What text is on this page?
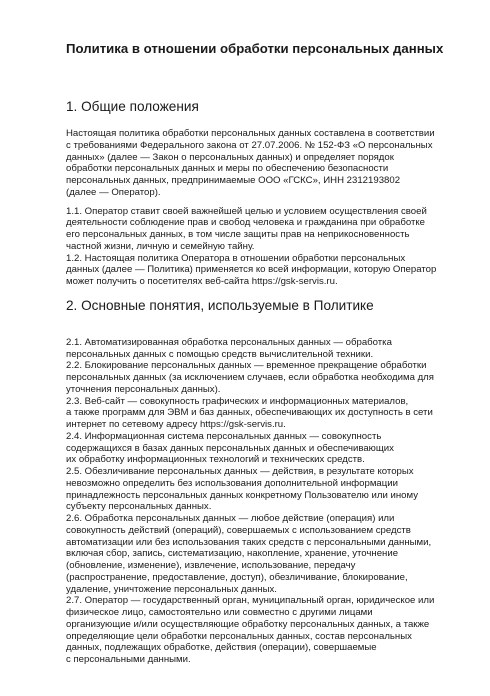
Политика в отношении обработки персональных данных
1. Общие положения
Настоящая политика обработки персональных данных составлена в соответствии
с требованиями Федерального закона от 27.07.2006. № 152-ФЗ «О персональных
данных» (далее — Закон о персональных данных) и определяет порядок
обработки персональных данных и меры по обеспечению безопасности
персональных данных, предпринимаемые ООО «ГСКС», ИНН 2312193802
(далее — Оператор).
1.1. Оператор ставит своей важнейшей целью и условием осуществления своей
деятельности соблюдение прав и свобод человека и гражданина при обработке
его персональных данных, в том числе защиты прав на неприкосновенность
частной жизни, личную и семейную тайну.
1.2. Настоящая политика Оператора в отношении обработки персональных
данных (далее — Политика) применяется ко всей информации, которую Оператор
может получить о посетителях веб-сайта https://gsk-servis.ru.
2. Основные понятия, используемые в Политике
2.1. Автоматизированная обработка персональных данных — обработка
персональных данных с помощью средств вычислительной техники.
2.2. Блокирование персональных данных — временное прекращение обработки
персональных данных (за исключением случаев, если обработка необходима для
уточнения персональных данных).
2.3. Веб-сайт — совокупность графических и информационных материалов,
а также программ для ЭВМ и баз данных, обеспечивающих их доступность в сети
интернет по сетевому адресу https://gsk-servis.ru.
2.4. Информационная система персональных данных — совокупность
содержащихся в базах данных персональных данных и обеспечивающих
их обработку информационных технологий и технических средств.
2.5. Обезличивание персональных данных — действия, в результате которых
невозможно определить без использования дополнительной информации
принадлежность персональных данных конкретному Пользователю или иному
субъекту персональных данных.
2.6. Обработка персональных данных — любое действие (операция) или
совокупность действий (операций), совершаемых с использованием средств
автоматизации или без использования таких средств с персональными данными,
включая сбор, запись, систематизацию, накопление, хранение, уточнение
(обновление, изменение), извлечение, использование, передачу
(распространение, предоставление, доступ), обезличивание, блокирование,
удаление, уничтожение персональных данных.
2.7. Оператор — государственный орган, муниципальный орган, юридическое или
физическое лицо, самостоятельно или совместно с другими лицами
организующие и/или осуществляющие обработку персональных данных, а также
определяющие цели обработки персональных данных, состав персональных
данных, подлежащих обработке, действия (операции), совершаемые
с персональными данными.
